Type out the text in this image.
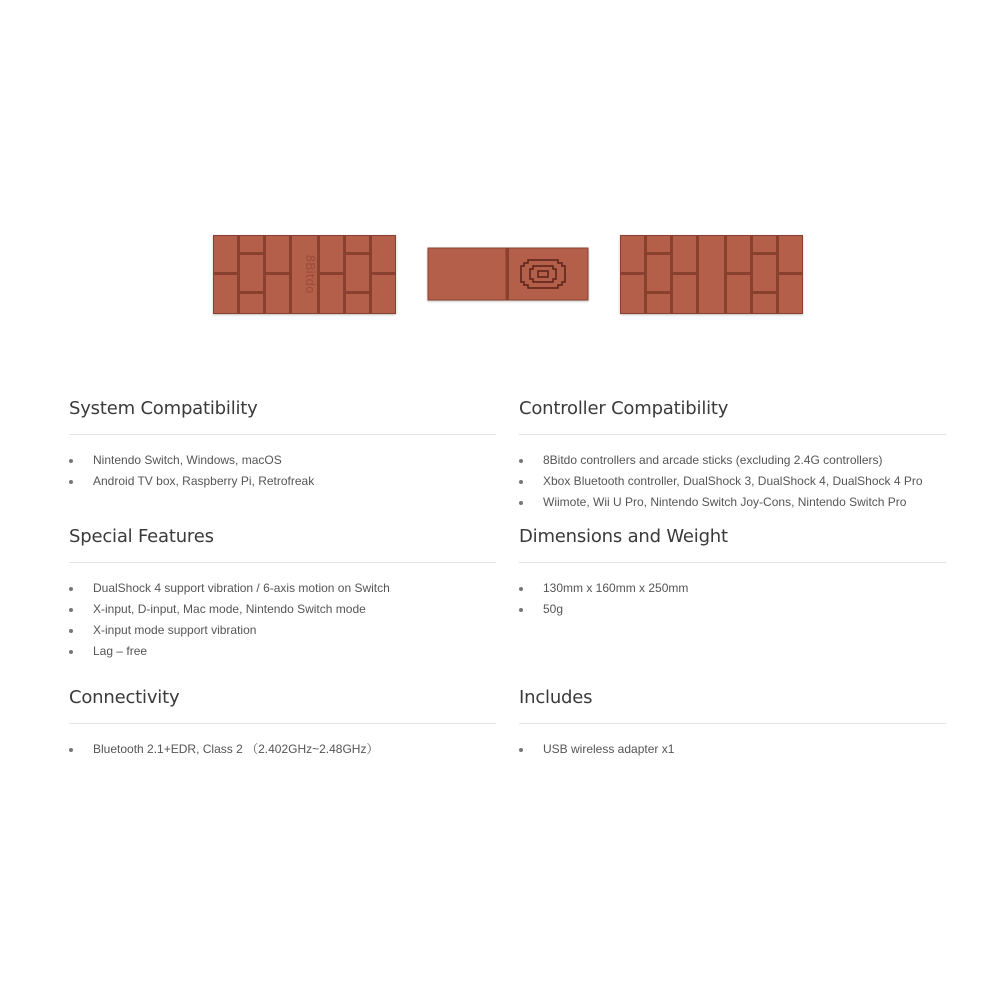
8Bitdo
System Compatibility
Nintendo Switch, Windows, macOS
Android TV box, Raspberry Pi, Retrofreak
Controller Compatibility
8Bitdo controllers and arcade sticks (excluding 2.4G controllers)
Xbox Bluetooth controller, DualShock 3, DualShock 4, DualShock 4 Pro
Wiimote, Wii U Pro, Nintendo Switch Joy-Cons, Nintendo Switch Pro
Special Features
DualShock 4 support vibration / 6-axis motion on Switch
X-input, D-input, Mac mode, Nintendo Switch mode
X-input mode support vibration
Lag – free
Dimensions and Weight
130mm x 160mm x 250mm
50g
Connectivity
Bluetooth 2.1+EDR, Class 2 （2.402GHz~2.48GHz）
Includes
USB wireless adapter x1
